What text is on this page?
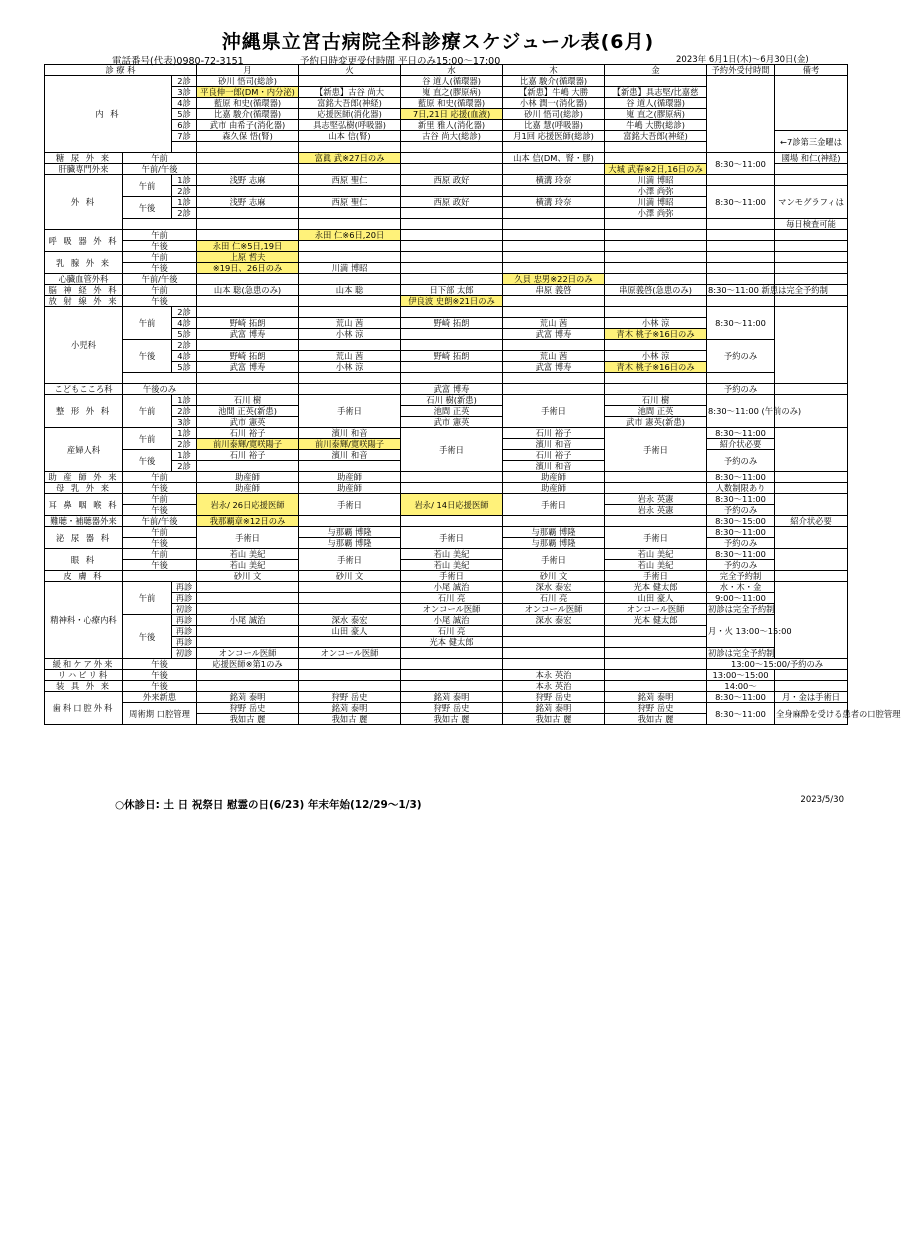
沖縄県立宮古病院全科診療スケジュール表(6月)
電話番号(代表)0980-72-3151	予約日時変更受付時間 平日のみ15:00～17:00	2023年 6月1日(木)～6月30日(金)
診 療 科			月	火	水	木	金	予約外受付時間	備考
内 科		2診	砂川 悟司(総診)		谷 道人(循環器)	比嘉 駿介(循環器)			
		3診	平良伸一郎(DM・内分泌)	【新患】古谷 尚大	嵬 直之(膠原病)	【新患】牛嶋 大勝	【新患】具志堅/比嘉慈		
		4診	藍原 和史(循環器)	富銘大吾郎(神経)	藍原 和史(循環器)	小林 潤一(消化器)	谷 道人(循環器)		
		5診	比嘉 駿介(循環器)	応援医師(消化器)	7日,21日 応援(血液)	砂川 悟司(総診)	嵬 直之(膠原病)		
		6診	武市 由希子(消化器)	具志堅弘樹(呼吸器)	新里 雅人(消化器)	比嘉 慧(呼吸器)	牛嶋 大勝(総診)		
		7診	森久保 悟(腎)	山本 信(腎)	古谷 尚大(総診)	月1回 応援医師(総診)	富銘大吾郎(神経)		←7診第三金曜は

糖 尿 外 来	午前			富眞 武※27日のみ		山本 信(DM、腎・膠)		8:30～11:00	國場 和仁(神経)
肝臓専門外来	午前/午後						大城 武春※2日,16日のみ		
外 科	午前	1診	浅野 志麻	西原 聖仁	西原 政好	横溝 玲奈	川満 博昭		
		2診					小澤 尚弥	8:30～11:00	マンモグラフィは
	午後	1診	浅野 志麻	西原 聖仁	西原 政好	横溝 玲奈	川満 博昭		
		2診					小澤 尚弥		
									毎日検査可能
呼 吸 器 外 科	午前			永田 仁※6日,20日					
	午後		永田 仁※5日,19日						
乳 腺 外 来	午前		上原 哲夫						
	午後		※19日、26日のみ	川満 博昭					
心臓血管外科	午前/午後					久貝 忠男※22日のみ			
脳 神 経 外 科	午前		山本 聡(急患のみ)	山本 聡	日下部 太郎	串原 義啓	串原義啓(急患のみ)	8:30～11:00 新患は完全予約制	
放 射 線 外 来	午後				伊良波 史朗※21日のみ				
小児科	午前	2診						8:30～11:00	
		4診	野崎 拓朗	荒山 茜	野崎 拓朗	荒山 茜	小林 涼		
		5診	武富 博寿	小林 涼		武富 博寿	青木 桃子※16日のみ		
	午後	2診						予約のみ	
		4診	野崎 拓朗	荒山 茜	野崎 拓朗	荒山 茜	小林 涼		
		5診	武富 博寿	小林 涼		武富 博寿	青木 桃子※16日のみ		

こどもこころ科	午後のみ				武富 博寿			予約のみ	
整 形 外 科	午前	1診	石川 樹	手術日	石川 樹(新患)	手術日	石川 樹	8:30～11:00 (午前のみ)	
		2診	池間 正英(新患)		池間 正英		池間 正英		
		3診	武市 憲英		武市 憲英		武市 憲英(新患)		
産婦人科	午前	1診	石川 裕子	濱川 和音	手術日	石川 裕子	手術日	8:30～11:00	
		2診	前川泰輝/寛咲陽子	前川泰輝/寛咲陽子		濱川 和音		紹介状必要	
	午後	1診	石川 裕子	濱川 和音		石川 裕子		予約のみ	
		2診				濱川 和音			
助 産 師 外 来	午前		助産師	助産師		助産師		8:30～11:00	
母 乳 外 来	午後		助産師	助産師		助産師		人数制限あり	
耳 鼻 咽 喉 科	午前		岩永/ 26日応援医師	手術日	岩永/ 14日応援医師	手術日	岩永 英憲	8:30～11:00	
	午後						岩永 英憲	予約のみ	
難聴・補聴器外来	午前/午後		我那覇章※12日のみ					8:30～15:00	紹介状必要
泌 尿 器 科	午前		手術日	与那覇 博隆	手術日	与那覇 博隆	手術日	8:30～11:00	
	午後			与那覇 博隆		与那覇 博隆		予約のみ	
眼 科	午前		若山 美紀	手術日	若山 美紀	手術日	若山 美紀	8:30～11:00	
	午後		若山 美紀		若山 美紀		若山 美紀	予約のみ	
皮 膚 科			砂川 文	砂川 文	手術日	砂川 文	手術日	完全予約制	

精神科・心療内科	午前	再診			小尾 誠治	深水 泰宏	光本 健太郎	水・木・金	
		再診			石川 亮	石川 亮	山田 豪人	9:00～11:00	
		初診			オンコール医師	オンコール医師	オンコール医師	初診は完全予約制	
	午後	再診	小尾 誠治	深水 泰宏	小尾 誠治	深水 泰宏	光本 健太郎	月・火 13:00～15:00	
		再診		山田 豪人	石川 亮				
		再診			光本 健太郎				
		初診	オンコール医師	オンコール医師				初診は完全予約制	
緩和ケア外来	午後		応援医師※第1のみ					13:00～15:00/予約のみ	
リハビリ科	午後					本永 英治		13:00～15:00	
装 具 外 来	午後					本永 英治		14:00～	
歯科口腔外科	外来新患		銘苅 泰明	狩野 岳史	銘苅 泰明	狩野 岳史	銘苅 泰明	8:30～11:00	月・金は手術日
	周術期 口腔管理		狩野 岳史	銘苅 泰明	狩野 岳史	銘苅 泰明	狩野 岳史	8:30～11:00	全身麻酔を受ける患者の口腔管理
			我如古 麗	我如古 麗	我如古 麗	我如古 麗	我如古 麗		
○休診日: 土 日 祝祭日 慰霊の日(6/23) 年末年始(12/29～1/3)	2023/5/30
